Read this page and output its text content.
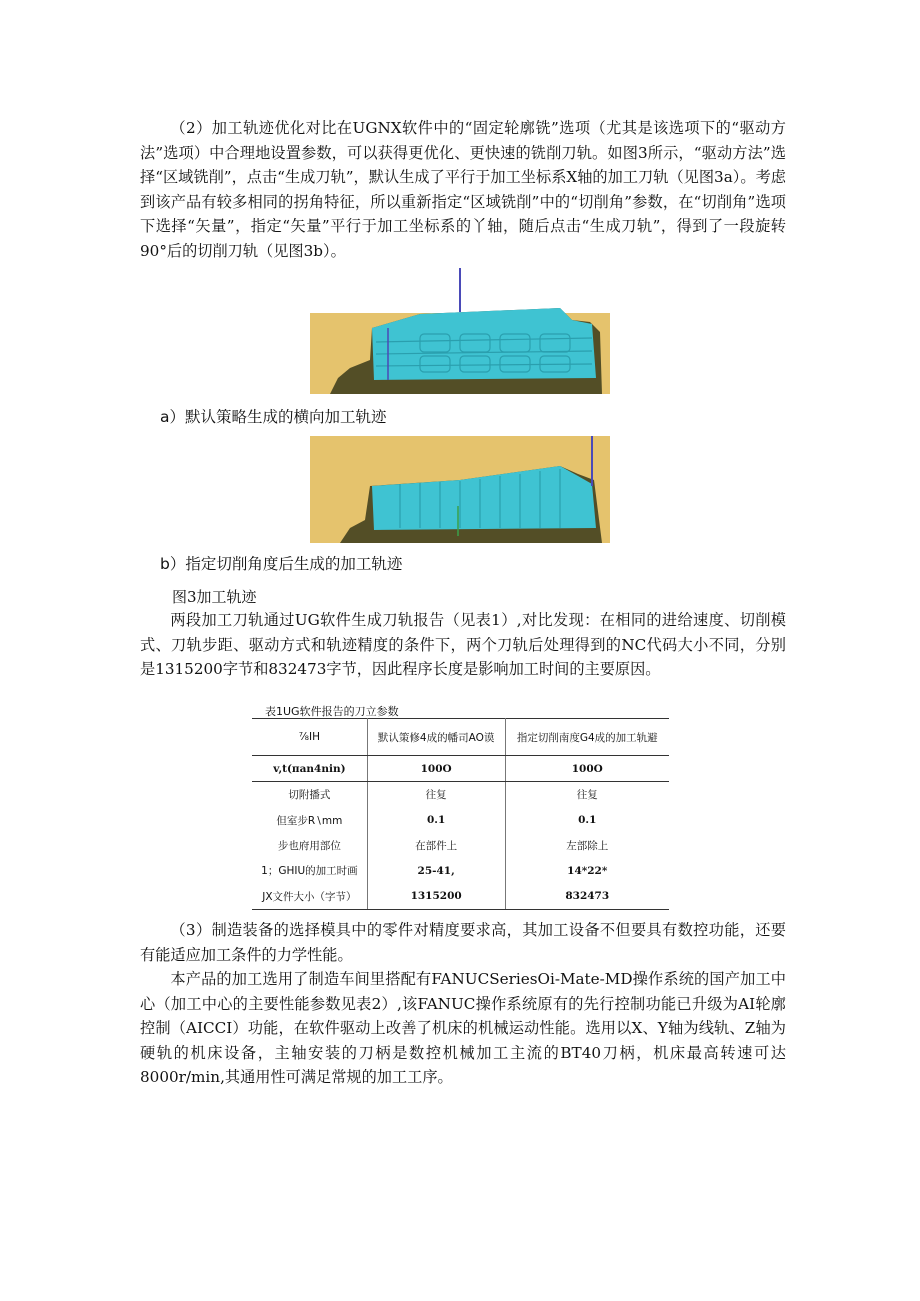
（2）加工轨迹优化对比在UGNX软件中的“固定轮廓铣”选项（尤其是该选项下的“驱动方法”选项）中合理地设置参数，可以获得更优化、更快速的铣削刀轨。如图3所示，“驱动方法”选择“区域铣削”，点击“生成刀轨”，默认生成了平行于加工坐标系X轴的加工刀轨（见图3a）。考虑到该产品有较多相同的拐角特征，所以重新指定“区域铣削”中的“切削角”参数，在“切削角”选项下选择“矢量”，指定“矢量”平行于加工坐标系的丫轴，随后点击“生成刀轨”，得到了一段旋转90°后的切削刀轨（见图3b）。
a）默认策略生成的横向加工轨迹
b）指定切削角度后生成的加工轨迹
图3加工轨迹
两段加工刀轨通过UG软件生成刀轨报告（见表1）,对比发现：在相同的进给速度、切削模式、刀轨步距、驱动方式和轨迹精度的条件下，两个刀轨后处理得到的NC代码大小不同，分别是1315200字节和832473字节，因此程序长度是影响加工时间的主要原因。
表1UG软件报告的刀立参数
⅞IH	默认策修4成的幡司AO谟	指定切削南度G4成的加工轨避
v,t(πan4nin)	100O	100O
切附播式	往复	往复
但室步R∖mm	0.1	0.1
步也府用部位	在部件上	左部除上
1；GHIU的加工时画	25-41,	14*22*
JX文件大小（字节）	1315200	832473
（3）制造装备的选择模具中的零件对精度要求高，其加工设备不但要具有数控功能，还要有能适应加工条件的力学性能。
本产品的加工选用了制造车间里搭配有FANUCSeriesOi-Mate-MD操作系统的国产加工中心（加工中心的主要性能参数见表2）,该FANUC操作系统原有的先行控制功能已升级为AI轮廓控制（AICCI）功能，在软件驱动上改善了机床的机械运动性能。选用以X、Y轴为线轨、Z轴为硬轨的机床设备，主轴安装的刀柄是数控机械加工主流的BT40刀柄，机床最高转速可达8000r∕min,其通用性可满足常规的加工工序。
